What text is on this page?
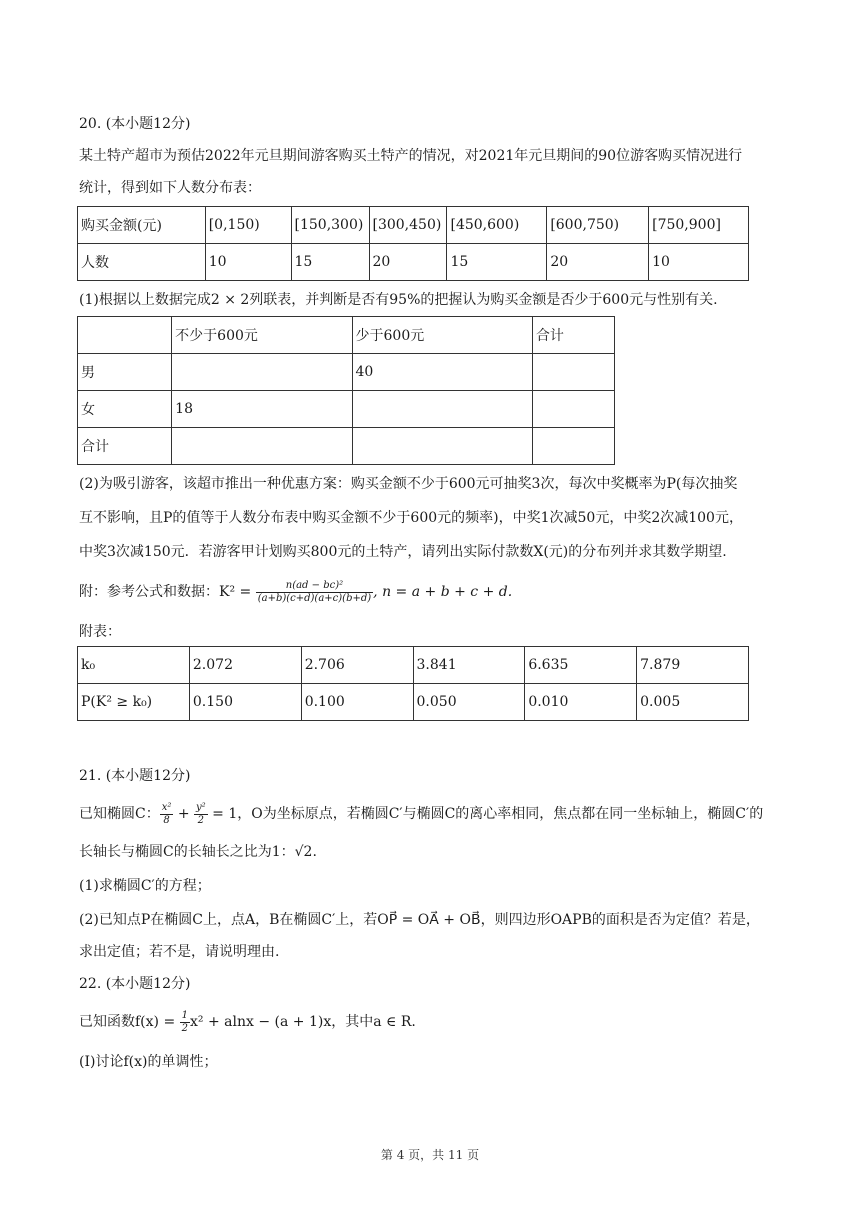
20. (本小题12分)
某土特产超市为预估2022年元旦期间游客购买土特产的情况，对2021年元旦期间的90位游客购买情况进行
统计，得到如下人数分布表：
购买金额(元)	[0,150)	[150,300)	[300,450)	[450,600)	[600,750)	[750,900]
人数	10	15	20	15	20	10
(1)根据以上数据完成2 × 2列联表，并判断是否有95%的把握认为购买金额是否少于600元与性别有关.
	不少于600元	少于600元	合计
男		40	
女	18		
合计			
(2)为吸引游客，该超市推出一种优惠方案：购买金额不少于600元可抽奖3次，每次中奖概率为P(每次抽奖
互不影响，且P的值等于人数分布表中购买金额不少于600元的频率)，中奖1次减50元，中奖2次减100元，
中奖3次减150元．若游客甲计划购买800元的土特产，请列出实际付款数X(元)的分布列并求其数学期望.
附：参考公式和数据：$K^2 = \frac{\text{n(ad − bc)²}}{(a+b)(c+d)(a+c)(b+d)}$ , n = a + b + c + d.
附表：
k₀	2.072	2.706	3.841	6.635	7.879
P(K² ≥ k₀)	0.150	0.100	0.050	0.010	0.005
21. (本小题12分)
已知椭圆C： $\frac{\text{x²}}{8} + \frac{\text{y²}}{2} = 1$，O为坐标原点，若椭圆C′与椭圆C的离心率相同，焦点都在同一坐标轴上，椭圆C′的
长轴长与椭圆C的长轴长之比为1：√2.
(1)求椭圆C′的方程；
(2)已知点P在椭圆C上，点A，B在椭圆C′上，若OP⃗ = OA⃗ + OB⃗，则四边形OAPB的面积是否为定值？若是，
求出定值；若不是，请说明理由.
22. (本小题12分)
已知函数$f(x) = \frac{1}{2} x^2 + alnx - (a + 1)x$，其中a ∈ R.
(I)讨论f(x)的单调性；
第 4 页，共 11 页
